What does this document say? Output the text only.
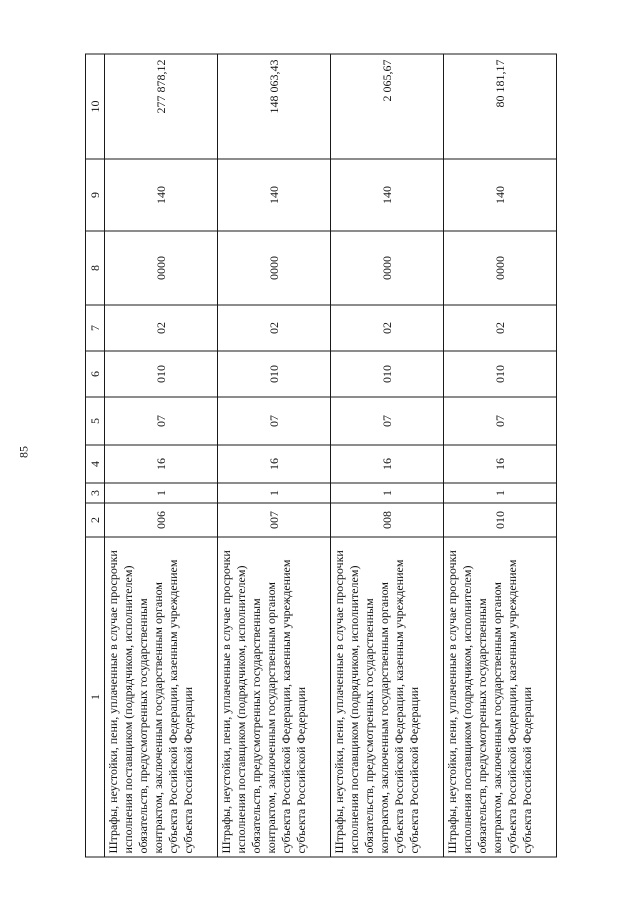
85
1	2	3	4	5	6	7	8	9	10
Штрафы, неустойки, пени, уплаченные в случае просрочки исполнения поставщиком (подрядчиком, исполнителем) обязательств, предусмотренных государственным контрактом, заключенным государственным органом субъекта Российской Федерации, казенным учреждением субъекта Российской Федерации	006	1	16	07	010	02	0000	140	277 878,12
Штрафы, неустойки, пени, уплаченные в случае просрочки исполнения поставщиком (подрядчиком, исполнителем) обязательств, предусмотренных государственным контрактом, заключенным государственным органом субъекта Российской Федерации, казенным учреждением субъекта Российской Федерации	007	1	16	07	010	02	0000	140	148 063,43
Штрафы, неустойки, пени, уплаченные в случае просрочки исполнения поставщиком (подрядчиком, исполнителем) обязательств, предусмотренных государственным контрактом, заключенным государственным органом субъекта Российской Федерации, казенным учреждением субъекта Российской Федерации	008	1	16	07	010	02	0000	140	2 065,67
Штрафы, неустойки, пени, уплаченные в случае просрочки исполнения поставщиком (подрядчиком, исполнителем) обязательств, предусмотренных государственным контрактом, заключенным государственным органом субъекта Российской Федерации, казенным учреждением субъекта Российской Федерации	010	1	16	07	010	02	0000	140	80 181,17
